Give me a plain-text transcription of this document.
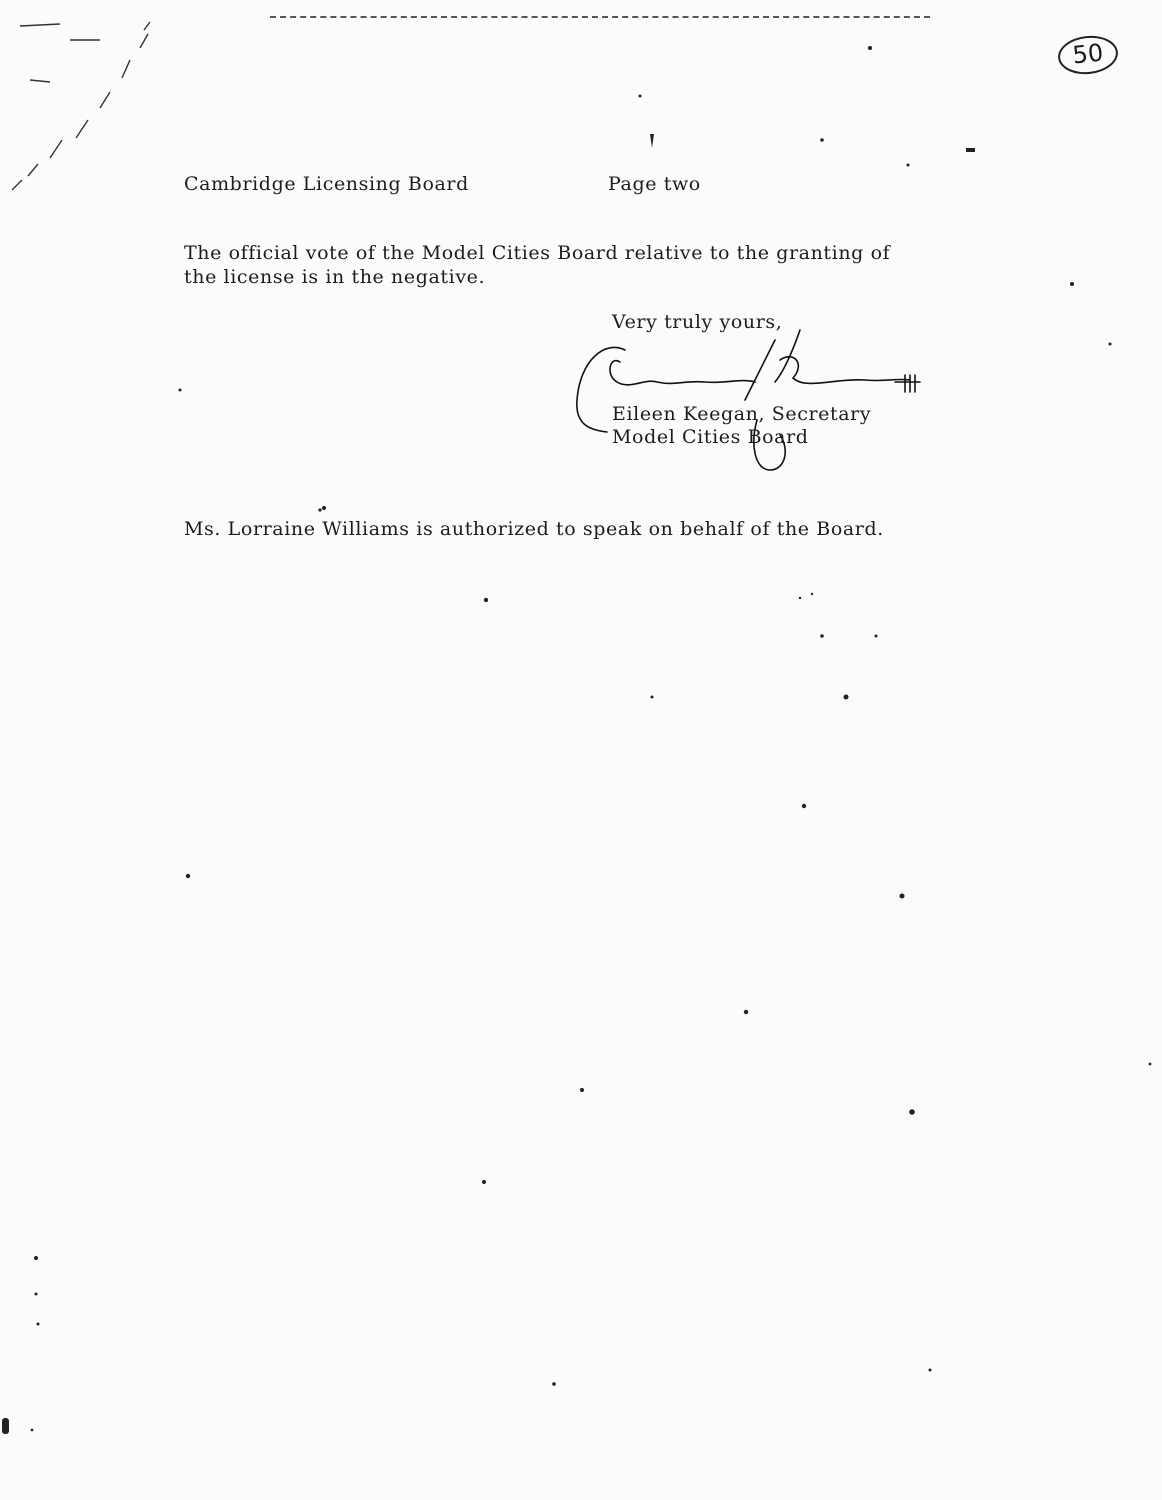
50
Cambridge Licensing Board	Page two
The official vote of the Model Cities Board relative to the granting of
the license is in the negative.
Very truly yours,
Eileen Keegan, Secretary
Model Cities Board
Ms. Lorraine Williams is authorized to speak on behalf of the Board.
